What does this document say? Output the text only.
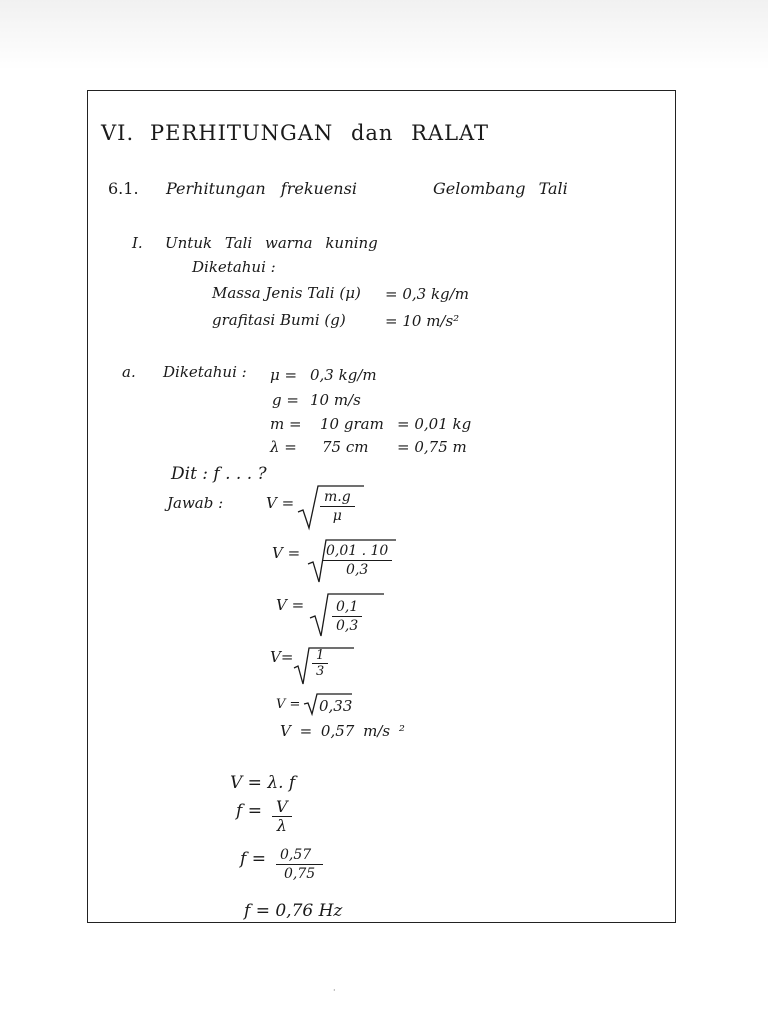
VI. PERHITUNGAN dan RALAT
6.1. Perhitungan frekuensi	Gelombang Tali
I. Untuk Tali warna kuning
Diketahui :
Massa Jenis Tali (μ) = 0,3 kg/m
grafitasi Bumi (g)	= 10 m/s²
a. Diketahui : μ = 0,3 kg/m
g = 10 m/s
m = 10 gram = 0,01 kg
λ = 75 cm = 0,75 m
Dit : f . . . ?
Jawab :	$V = \frac{m.g}{\mu}$
$V = \frac{0,01 . 10}{0,3}$
$V = \frac{0,1}{0,3}$
$V= \frac{1}{3}$
V = 0,33
V = 0,57 m/s ²
V = λ. f
$f = \frac{V}{\lambda}$
$f = \frac{0,57}{0,75}$
f = 0,76 Hz
·
